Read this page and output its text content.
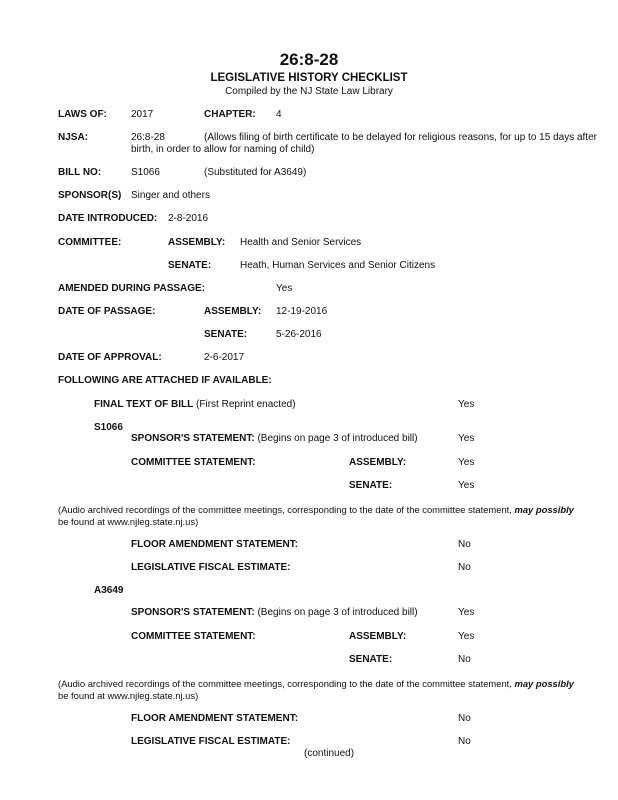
26:8-28
LEGISLATIVE HISTORY CHECKLIST
Compiled by the NJ State Law Library
LAWS OF: 2017	CHAPTER: 4
NJSA:	26:8-28	(Allows filing of birth certificate to be delayed for religious reasons, for up to 15 days after
birth, in order to allow for naming of child)
BILL NO:	S1066	(Substituted for A3649)
SPONSOR(S) Singer and others
DATE INTRODUCED: 2-8-2016
COMMITTEE:	ASSEMBLY: Health and Senior Services
SENATE:	Heath, Human Services and Senior Citizens
AMENDED DURING PASSAGE:	Yes
DATE OF PASSAGE:	ASSEMBLY: 12-19-2016
SENATE:	5-26-2016
DATE OF APPROVAL:	2-6-2017
FOLLOWING ARE ATTACHED IF AVAILABLE:
FINAL TEXT OF BILL (First Reprint enacted)	Yes
S1066
SPONSOR'S STATEMENT: (Begins on page 3 of introduced bill)	Yes
COMMITTEE STATEMENT:	ASSEMBLY:	Yes
SENATE:	Yes
(Audio archived recordings of the committee meetings, corresponding to the date of the committee statement, may possibly
be found at www.njleg.state.nj.us)
FLOOR AMENDMENT STATEMENT:	No
LEGISLATIVE FISCAL ESTIMATE:	No
A3649
SPONSOR'S STATEMENT: (Begins on page 3 of introduced bill)	Yes
COMMITTEE STATEMENT:	ASSEMBLY:	Yes
SENATE:	No
(Audio archived recordings of the committee meetings, corresponding to the date of the committee statement, may possibly
be found at www.njleg.state.nj.us)
FLOOR AMENDMENT STATEMENT:	No
LEGISLATIVE FISCAL ESTIMATE:	No
(continued)
